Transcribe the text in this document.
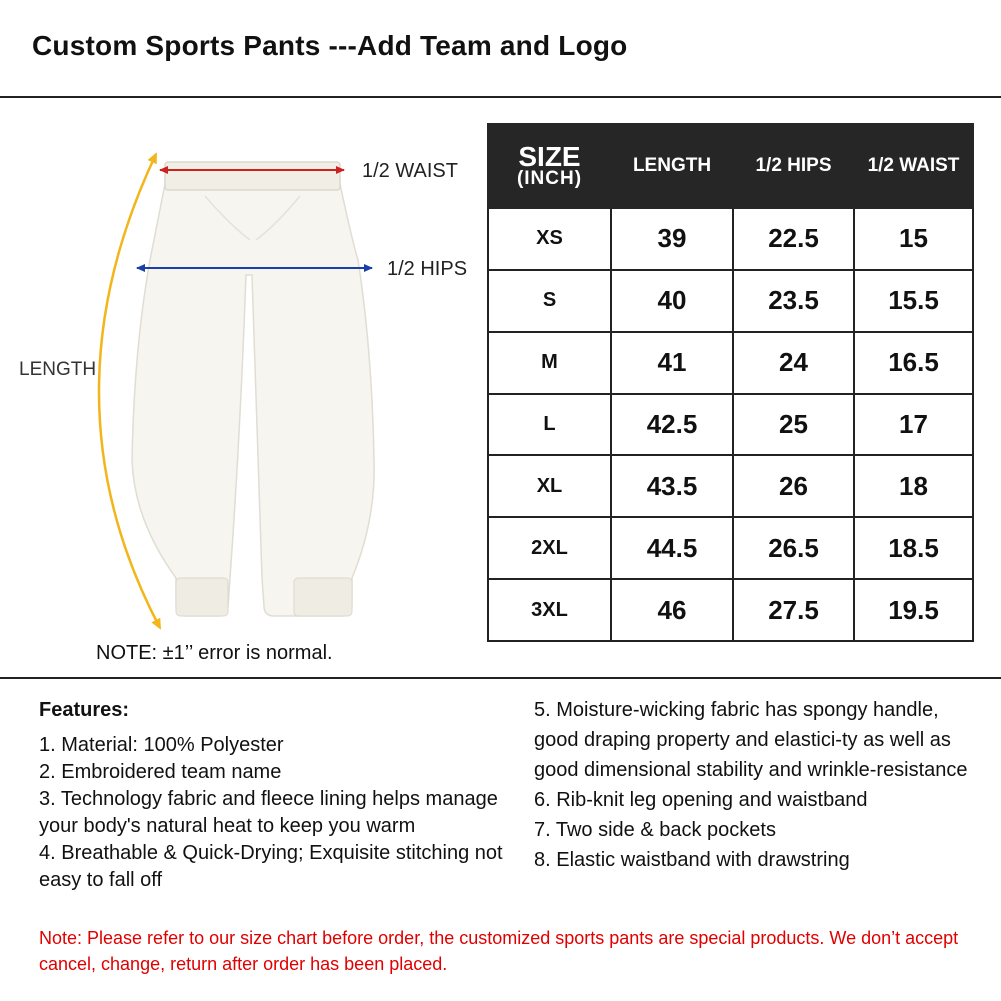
Custom Sports Pants ---Add Team and Logo
1/2 WAIST
1/2 HIPS
LENGTH
NOTE: ±1’’ error is normal.
SIZE
(INCH)	LENGTH	1/2 HIPS	1/2 WAIST
XS	39	22.5	15
S	40	23.5	15.5
M	41	24	16.5
L	42.5	25	17
XL	43.5	26	18
2XL	44.5	26.5	18.5
3XL	46	27.5	19.5
Features:
1. Material: 100% Polyester
2. Embroidered team name
3. Technology fabric and fleece lining helps manage your body's natural heat to keep you warm
4. Breathable & Quick-Drying; Exquisite stitching not easy to fall off
5. Moisture-wicking fabric has spongy handle, good draping property and elastici-ty as well as good dimensional stability and wrinkle-resistance
6. Rib-knit leg opening and waistband
7. Two side & back pockets
8. Elastic waistband with drawstring
Note: Please refer to our size chart before order, the customized sports pants are special products. We don’t accept cancel, change, return after order has been placed.
